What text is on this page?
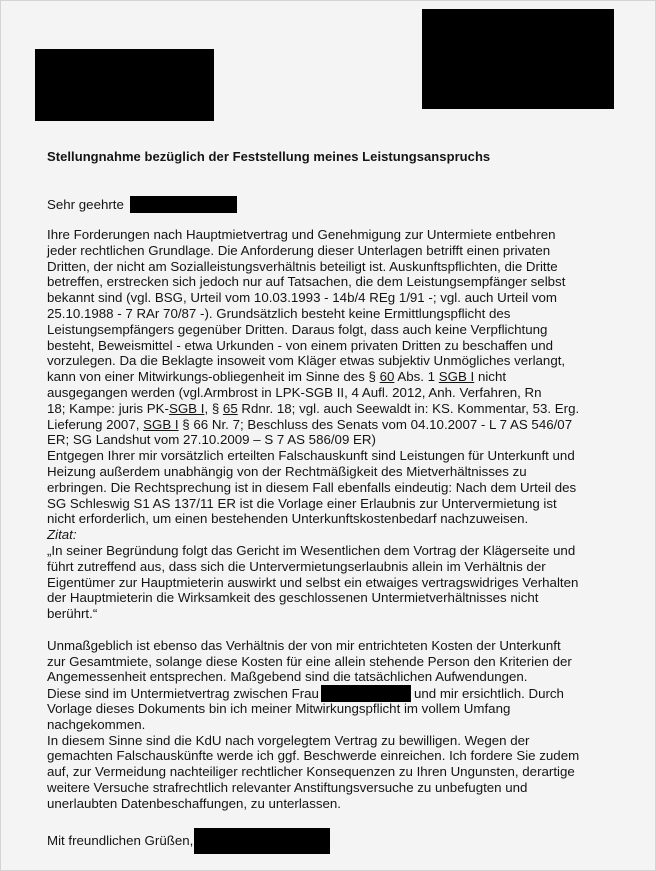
Stellungnahme bezüglich der Feststellung meines Leistungsanspruchs
Sehr geehrte
Ihre Forderungen nach Hauptmietvertrag und Genehmigung zur Untermiete entbehren
jeder rechtlichen Grundlage. Die Anforderung dieser Unterlagen betrifft einen privaten
Dritten, der nicht am Sozialleistungsverhältnis beteiligt ist. Auskunftspflichten, die Dritte
betreffen, erstrecken sich jedoch nur auf Tatsachen, die dem Leistungsempfänger selbst
bekannt sind (vgl. BSG, Urteil vom 10.03.1993 - 14b/4 REg 1/91 -; vgl. auch Urteil vom
25.10.1988 - 7 RAr 70/87 -). Grundsätzlich besteht keine Ermittlungspflicht des
Leistungsempfängers gegenüber Dritten. Daraus folgt, dass auch keine Verpflichtung
besteht, Beweismittel - etwa Urkunden - von einem privaten Dritten zu beschaffen und
vorzulegen. Da die Beklagte insoweit vom Kläger etwas subjektiv Unmögliches verlangt,
kann von einer Mitwirkungs-obliegenheit im Sinne des § 60 Abs. 1 SGB I nicht
ausgegangen werden (vgl.Armbrost in LPK-SGB II, 4 Aufl. 2012, Anh. Verfahren, Rn
18; Kampe: juris PK-SGB I, § 65 Rdnr. 18; vgl. auch Seewaldt in: KS. Kommentar, 53. Erg.
Lieferung 2007, SGB I § 66 Nr. 7; Beschluss des Senats vom 04.10.2007 - L 7 AS 546/07
ER; SG Landshut vom 27.10.2009 – S 7 AS 586/09 ER)
Entgegen Ihrer mir vorsätzlich erteilten Falschauskunft sind Leistungen für Unterkunft und
Heizung außerdem unabhängig von der Rechtmäßigkeit des Mietverhältnisses zu
erbringen. Die Rechtsprechung ist in diesem Fall ebenfalls eindeutig: Nach dem Urteil des
SG Schleswig S1 AS 137/11 ER ist die Vorlage einer Erlaubnis zur Untervermietung ist
nicht erforderlich, um einen bestehenden Unterkunftskostenbedarf nachzuweisen.
Zitat:
„In seiner Begründung folgt das Gericht im Wesentlichen dem Vortrag der Klägerseite und
führt zutreffend aus, dass sich die Untervermietungserlaubnis allein im Verhältnis der
Eigentümer zur Hauptmieterin auswirkt und selbst ein etwaiges vertragswidriges Verhalten
der Hauptmieterin die Wirksamkeit des geschlossenen Untermietverhältnisses nicht
berührt.“
Unmaßgeblich ist ebenso das Verhältnis der von mir entrichteten Kosten der Unterkunft
zur Gesamtmiete, solange diese Kosten für eine allein stehende Person den Kriterien der
Angemessenheit entsprechen. Maßgebend sind die tatsächlichen Aufwendungen.
Diese sind im Untermietvertrag zwischen Frau	und mir ersichtlich. Durch
Vorlage dieses Dokuments bin ich meiner Mitwirkungspflicht im vollem Umfang
nachgekommen.
In diesem Sinne sind die KdU nach vorgelegtem Vertrag zu bewilligen. Wegen der
gemachten Falschauskünfte werde ich ggf. Beschwerde einreichen. Ich fordere Sie zudem
auf, zur Vermeidung nachteiliger rechtlicher Konsequenzen zu Ihren Ungunsten, derartige
weitere Versuche strafrechtlich relevanter Anstiftungsversuche zu unbefugten und
unerlaubten Datenbeschaffungen, zu unterlassen.
Mit freundlichen Grüßen,
